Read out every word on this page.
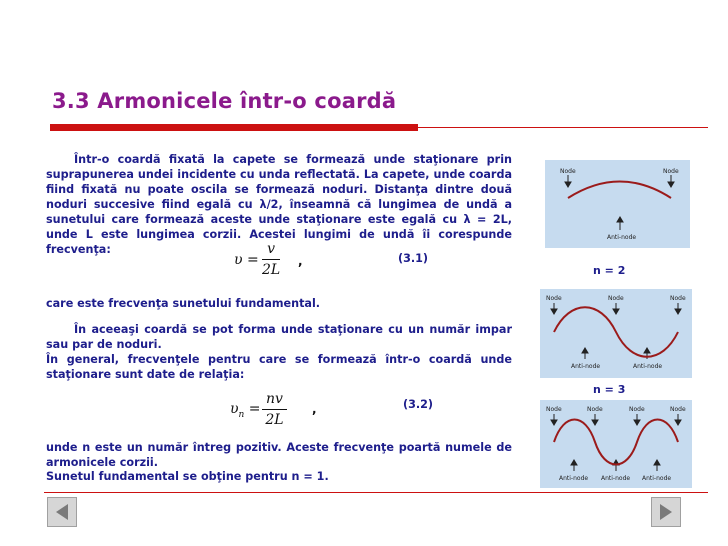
3.3 Armonicele într-o coardă

Într-o coardă fixată la capete se formează unde staţionare prin suprapunerea undei incidente cu unda reflectată. La capete, unde coarda fiind fixată nu poate oscila se formează noduri. Distanţa dintre două noduri succesive fiind egală cu λ/2, înseamnă că lungimea de undă a sunetului care formează aceste unde staţionare este egală cu λ = 2L, unde L este lungimea corzii. Acestei lungimi de undă îi corespunde frecvenţa:

$\upsilon = \frac{v}{2L}$ ,	(3.1)

care este frecvenţa sunetului fundamental.

În aceeaşi coardă se pot forma unde staţionare cu un număr impar sau par de noduri.

În general, frecvenţele pentru care se formează într-o coardă unde staţionare sunt date de relaţia:

$\upsilon_n = \frac{nv}{2L}$ ,	(3.2)

unde n este un număr întreg pozitiv. Aceste frecvenţe poartă numele de armonicele corzii.

Sunetul fundamental se obţine pentru n = 1.

Node	Node
Anti-node
n = 2
Node	Node	Node
Anti-node	Anti-node
n = 3
Node	Node	Node	Node
Anti-node Anti-node Anti-node
